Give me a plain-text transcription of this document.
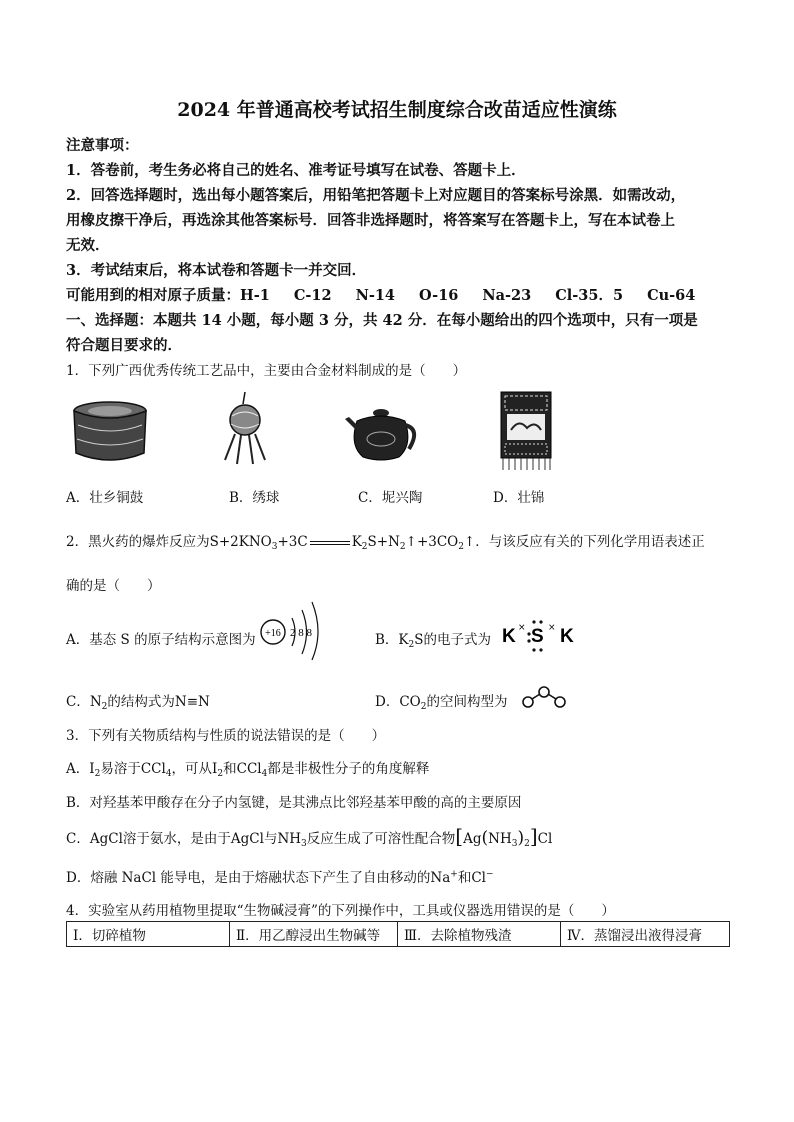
2024 年普通高校考试招生制度综合改苗适应性演练
注意事项：
1．答卷前，考生务必将自己的姓名、准考证号填写在试卷、答题卡上．
2．回答选择题时，选出每小题答案后，用铅笔把答题卡上对应题目的答案标号涂黑．如需改动，
用橡皮擦干净后，再选涂其他答案标号．回答非选择题时，将答案写在答题卡上，写在本试卷上
无效．
3．考试结束后，将本试卷和答题卡一并交回．
可能用到的相对原子质量：H-1 C-12 N-14 O-16 Na-23 Cl-35．5 Cu-64
一、选择题：本题共 14 小题，每小题 3 分，共 42 分．在每小题给出的四个选项中，只有一项是
符合题目要求的．
1．下列广西优秀传统工艺品中，主要由合金材料制成的是（　　）
A．壮乡铜鼓	B．绣球	C．坭兴陶	D．壮锦
2．黑火药的爆炸反应为$S+2KNO_3+3C$	$K_2S+N_2↑+3CO_2↑$．与该反应有关的下列化学用语表述正
确的是（　　）
A．基态 S 的原子结构示意图为 +16 2 8 8	B．$K_2S$的电子式为 K × S × K
C．$N_2$的结构式为N≡N	D．$CO_2$的空间构型为
3．下列有关物质结构与性质的说法错误的是（　　）
A．$I_2$易溶于CCl$_4$，可从$I_2$和CCl$_4$都是非极性分子的角度解释
B．对羟基苯甲酸存在分子内氢键，是其沸点比邻羟基苯甲酸的高的主要原因
C．AgCl溶于氨水，是由于AgCl与$NH_3$反应生成了可溶性配合物$[Ag(NH_3)_2]Cl$
D．熔融 NaCl 能导电，是由于熔融状态下产生了自由移动的Na+和Cl−
4．实验室从药用植物里提取“生物碱浸膏”的下列操作中，工具或仪器选用错误的是（　　）
I．切碎植物	Ⅱ．用乙醇浸出生物碱等	Ⅲ．去除植物残渣	Ⅳ．蒸馏浸出液得浸膏
